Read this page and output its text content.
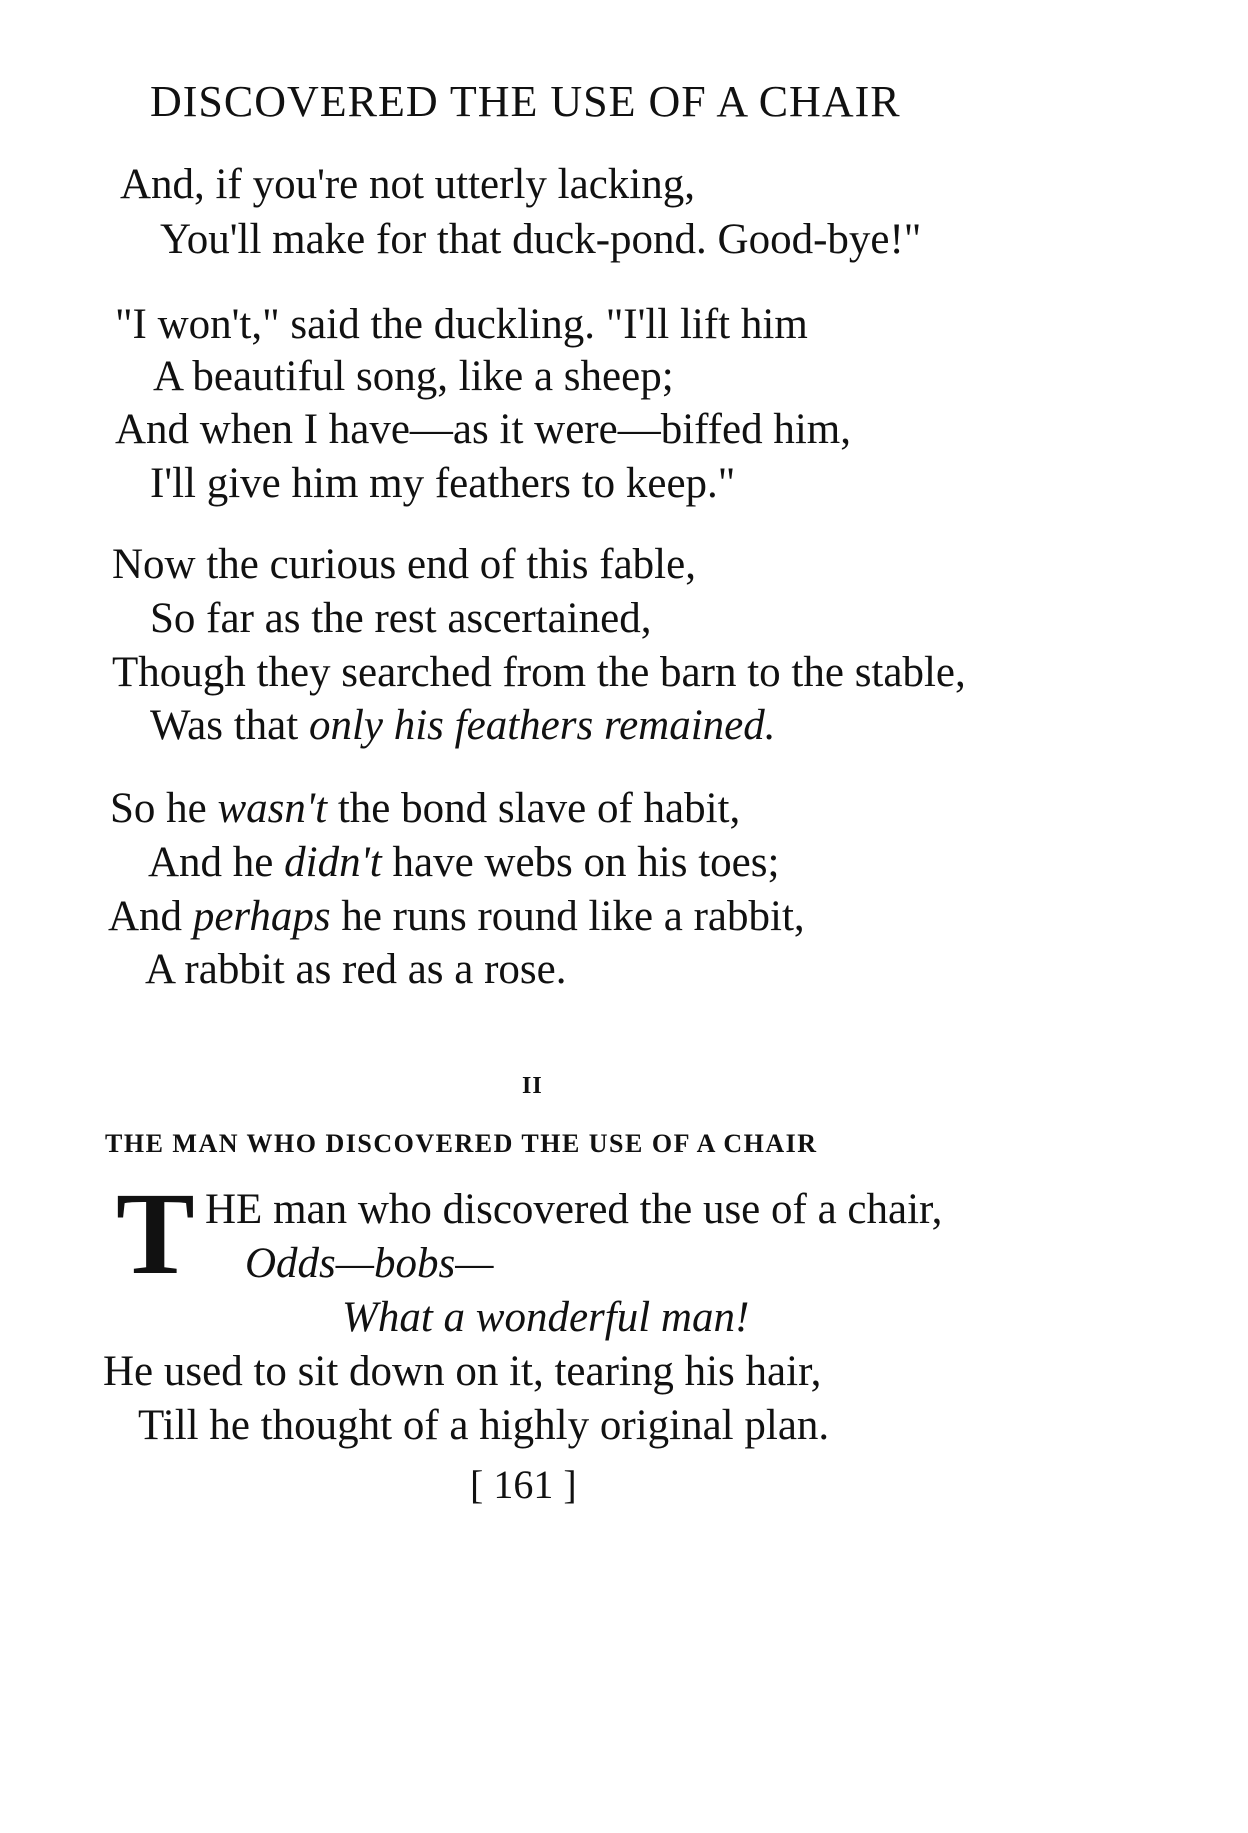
DISCOVERED THE USE OF A CHAIR
And, if you're not utterly lacking,
You'll make for that duck-pond. Good-bye!"
"I won't," said the duckling. "I'll lift him
A beautiful song, like a sheep;
And when I have—as it were—biffed him,
I'll give him my feathers to keep."
Now the curious end of this fable,
So far as the rest ascertained,
Though they searched from the barn to the stable,
Was that only his feathers remained.
So he wasn't the bond slave of habit,
And he didn't have webs on his toes;
And perhaps he runs round like a rabbit,
A rabbit as red as a rose.
II
THE MAN WHO DISCOVERED THE USE OF A CHAIR
T HE man who discovered the use of a chair,
Odds—bobs—
What a wonderful man!
He used to sit down on it, tearing his hair,
Till he thought of a highly original plan.
[ 161 ]
